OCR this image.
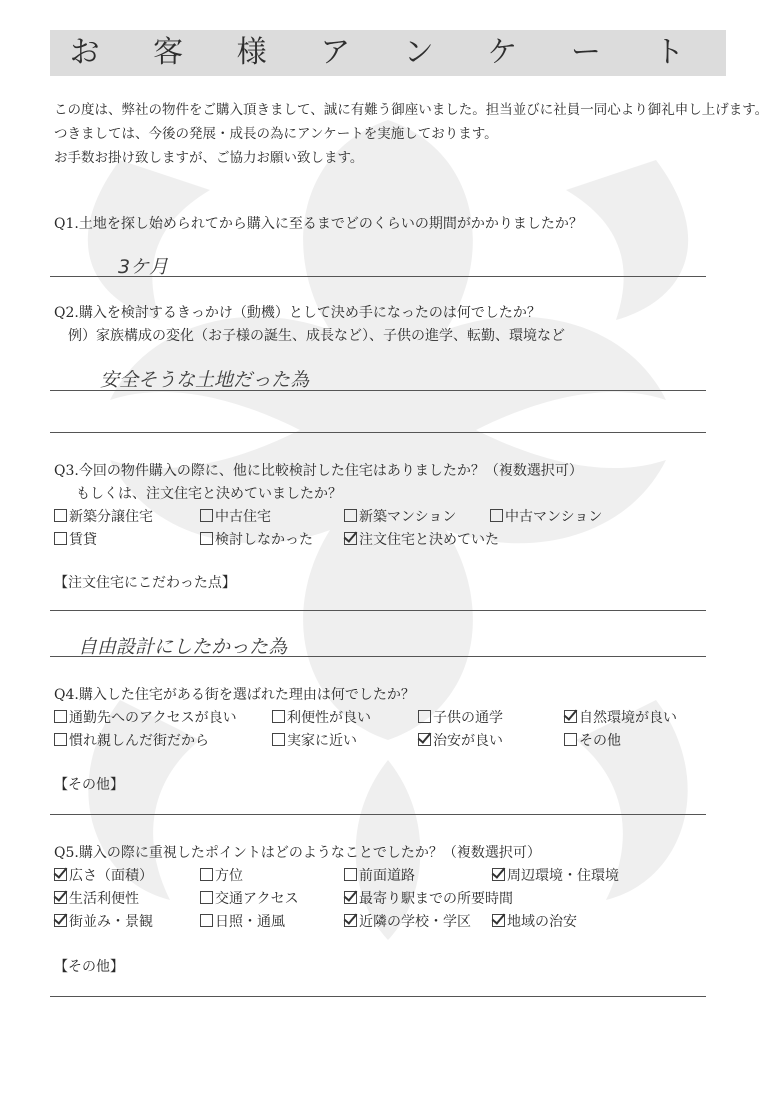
お 客 様 ア ン ケ ー ト
この度は、弊社の物件をご購入頂きまして、誠に有難う御座いました。担当並びに社員一同心より御礼申し上げます。
つきましては、今後の発展・成長の為にアンケートを実施しております。
お手数お掛け致しますが、ご協力お願い致します。
Q1.土地を探し始められてから購入に至るまでどのくらいの期間がかかりましたか？
3ケ月
Q2.購入を検討するきっかけ（動機）として決め手になったのは何でしたか？
例）家族構成の変化（お子様の誕生、成長など）、子供の進学、転勤、環境など
安全そうな土地だった為
Q3.今回の物件購入の際に、他に比較検討した住宅はありましたか？（複数選択可）
もしくは、注文住宅と決めていましたか？
新築分譲住宅	中古住宅	新築マンション	中古マンション
賃貸	検討しなかった	注文住宅と決めていた
【注文住宅にこだわった点】
自由設計にしたかった為
Q4.購入した住宅がある街を選ばれた理由は何でしたか？
通勤先へのアクセスが良い	利便性が良い	子供の通学	自然環境が良い
慣れ親しんだ街だから	実家に近い	治安が良い	その他
【その他】
Q5.購入の際に重視したポイントはどのようなことでしたか？（複数選択可）
広さ（面積）	方位	前面道路	周辺環境・住環境
生活利便性	交通アクセス	最寄り駅までの所要時間
街並み・景観	日照・通風	近隣の学校・学区	地域の治安
【その他】
